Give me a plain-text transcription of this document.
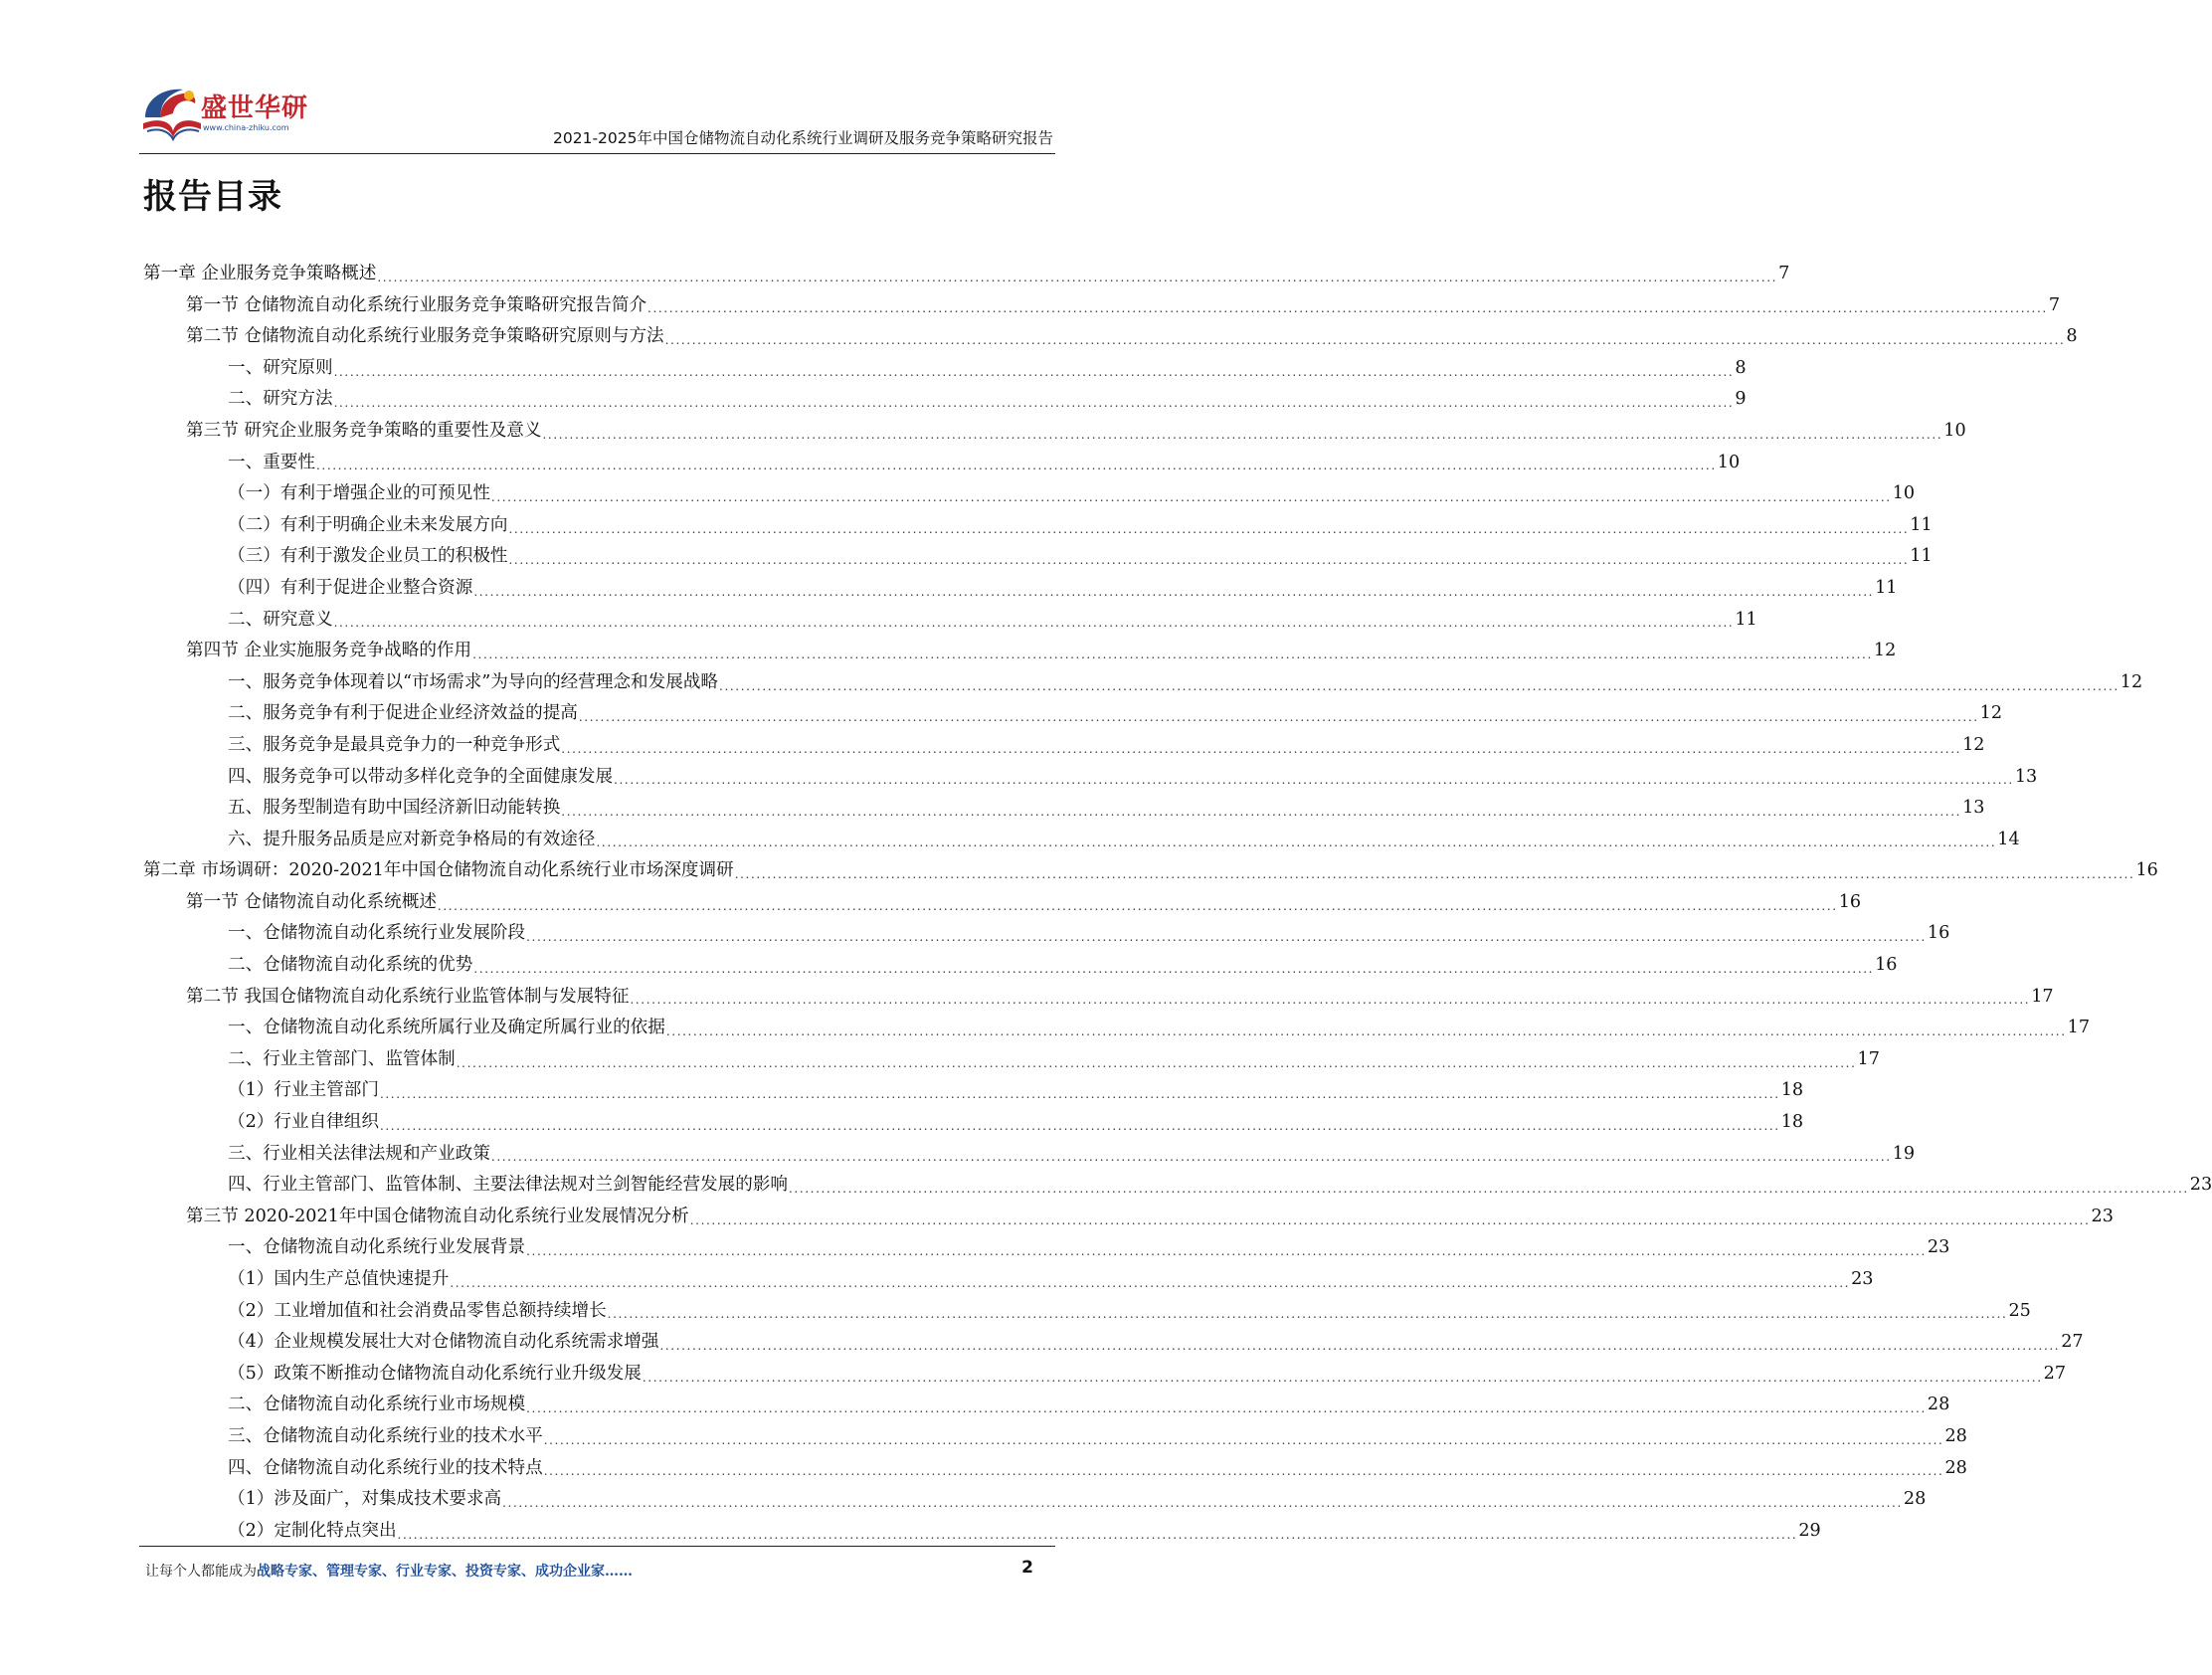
盛世华研
www.china-zhiku.com
2021-2025年中国仓储物流自动化系统行业调研及服务竞争策略研究报告
报告目录
第一章 企业服务竞争策略概述 .................................................................................................................................................................................................................................................................... 7
第一节 仓储物流自动化系统行业服务竞争策略研究报告简介 .................................................................................................................................................................................................................................................................... 7
第二节 仓储物流自动化系统行业服务竞争策略研究原则与方法 .................................................................................................................................................................................................................................................................... 8
一、研究原则 .................................................................................................................................................................................................................................................................... 8
二、研究方法 .................................................................................................................................................................................................................................................................... 9
第三节 研究企业服务竞争策略的重要性及意义 .................................................................................................................................................................................................................................................................... 10
一、重要性 .................................................................................................................................................................................................................................................................... 10
（一）有利于增强企业的可预见性 .................................................................................................................................................................................................................................................................... 10
（二）有利于明确企业未来发展方向 .................................................................................................................................................................................................................................................................... 11
（三）有利于激发企业员工的积极性 .................................................................................................................................................................................................................................................................... 11
（四）有利于促进企业整合资源 .................................................................................................................................................................................................................................................................... 11
二、研究意义 .................................................................................................................................................................................................................................................................... 11
第四节 企业实施服务竞争战略的作用 .................................................................................................................................................................................................................................................................... 12
一、服务竞争体现着以“市场需求”为导向的经营理念和发展战略 .................................................................................................................................................................................................................................................................... 12
二、服务竞争有利于促进企业经济效益的提高 .................................................................................................................................................................................................................................................................... 12
三、服务竞争是最具竞争力的一种竞争形式 .................................................................................................................................................................................................................................................................... 12
四、服务竞争可以带动多样化竞争的全面健康发展 .................................................................................................................................................................................................................................................................... 13
五、服务型制造有助中国经济新旧动能转换 .................................................................................................................................................................................................................................................................... 13
六、提升服务品质是应对新竞争格局的有效途径 .................................................................................................................................................................................................................................................................... 14
第二章 市场调研：2020-2021年中国仓储物流自动化系统行业市场深度调研 .................................................................................................................................................................................................................................................................... 16
第一节 仓储物流自动化系统概述 .................................................................................................................................................................................................................................................................... 16
一、仓储物流自动化系统行业发展阶段 .................................................................................................................................................................................................................................................................... 16
二、仓储物流自动化系统的优势 .................................................................................................................................................................................................................................................................... 16
第二节 我国仓储物流自动化系统行业监管体制与发展特征 .................................................................................................................................................................................................................................................................... 17
一、仓储物流自动化系统所属行业及确定所属行业的依据 .................................................................................................................................................................................................................................................................... 17
二、行业主管部门、监管体制 .................................................................................................................................................................................................................................................................... 17
（1）行业主管部门 .................................................................................................................................................................................................................................................................... 18
（2）行业自律组织 .................................................................................................................................................................................................................................................................... 18
三、行业相关法律法规和产业政策 .................................................................................................................................................................................................................................................................... 19
四、行业主管部门、监管体制、主要法律法规对兰剑智能经营发展的影响 .................................................................................................................................................................................................................................................................... 23
第三节 2020-2021年中国仓储物流自动化系统行业发展情况分析 .................................................................................................................................................................................................................................................................... 23
一、仓储物流自动化系统行业发展背景 .................................................................................................................................................................................................................................................................... 23
（1）国内生产总值快速提升 .................................................................................................................................................................................................................................................................... 23
（2）工业增加值和社会消费品零售总额持续增长 .................................................................................................................................................................................................................................................................... 25
（4）企业规模发展壮大对仓储物流自动化系统需求增强 .................................................................................................................................................................................................................................................................... 27
（5）政策不断推动仓储物流自动化系统行业升级发展 .................................................................................................................................................................................................................................................................... 27
二、仓储物流自动化系统行业市场规模 .................................................................................................................................................................................................................................................................... 28
三、仓储物流自动化系统行业的技术水平 .................................................................................................................................................................................................................................................................... 28
四、仓储物流自动化系统行业的技术特点 .................................................................................................................................................................................................................................................................... 28
（1）涉及面广，对集成技术要求高 .................................................................................................................................................................................................................................................................... 28
（2）定制化特点突出 .................................................................................................................................................................................................................................................................... 29
让每个人都能成为战略专家、管理专家、行业专家、投资专家、成功企业家……	2
